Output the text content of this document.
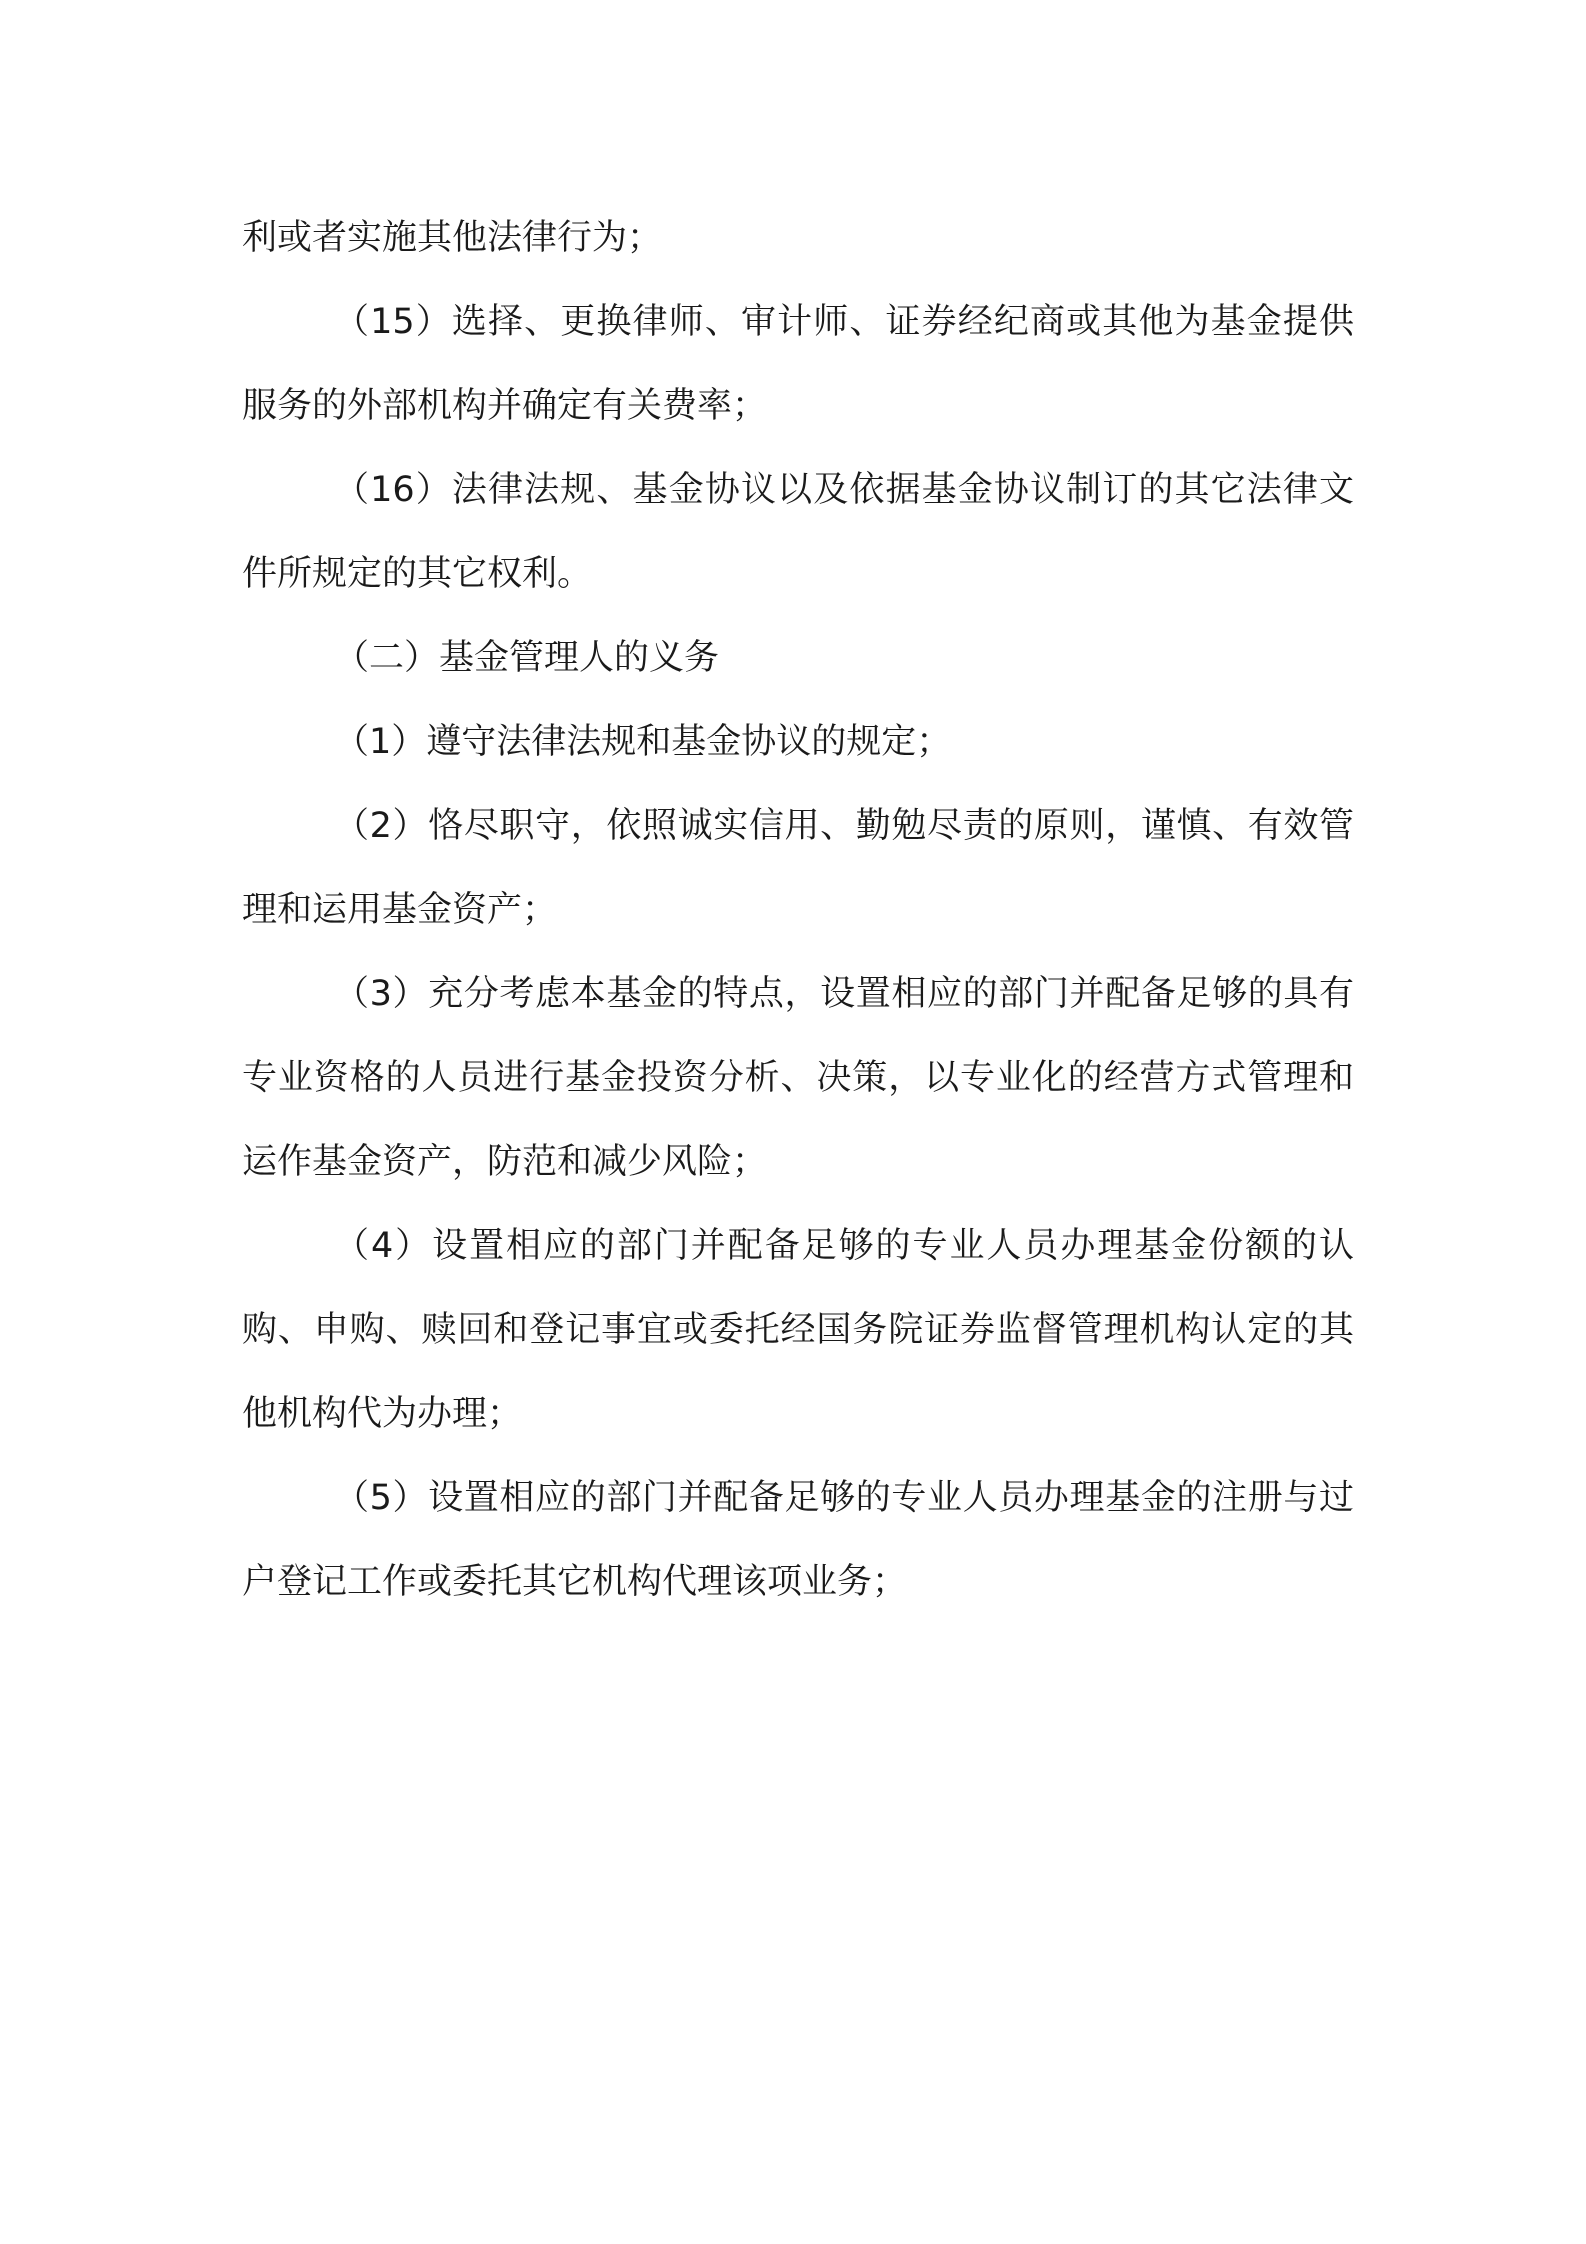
利或者实施其他法律行为；

（15）选择、更换律师、审计师、证券经纪商或其他为基金提供服务的外部机构并确定有关费率；

（16）法律法规、基金协议以及依据基金协议制订的其它法律文件所规定的其它权利。

（二）基金管理人的义务

（1）遵守法律法规和基金协议的规定；

（2）恪尽职守，依照诚实信用、勤勉尽责的原则，谨慎、有效管理和运用基金资产；

（3）充分考虑本基金的特点，设置相应的部门并配备足够的具有专业资格的人员进行基金投资分析、决策，以专业化的经营方式管理和运作基金资产，防范和减少风险；

（4）设置相应的部门并配备足够的专业人员办理基金份额的认购、申购、赎回和登记事宜或委托经国务院证券监督管理机构认定的其他机构代为办理；

（5）设置相应的部门并配备足够的专业人员办理基金的注册与过户登记工作或委托其它机构代理该项业务；
